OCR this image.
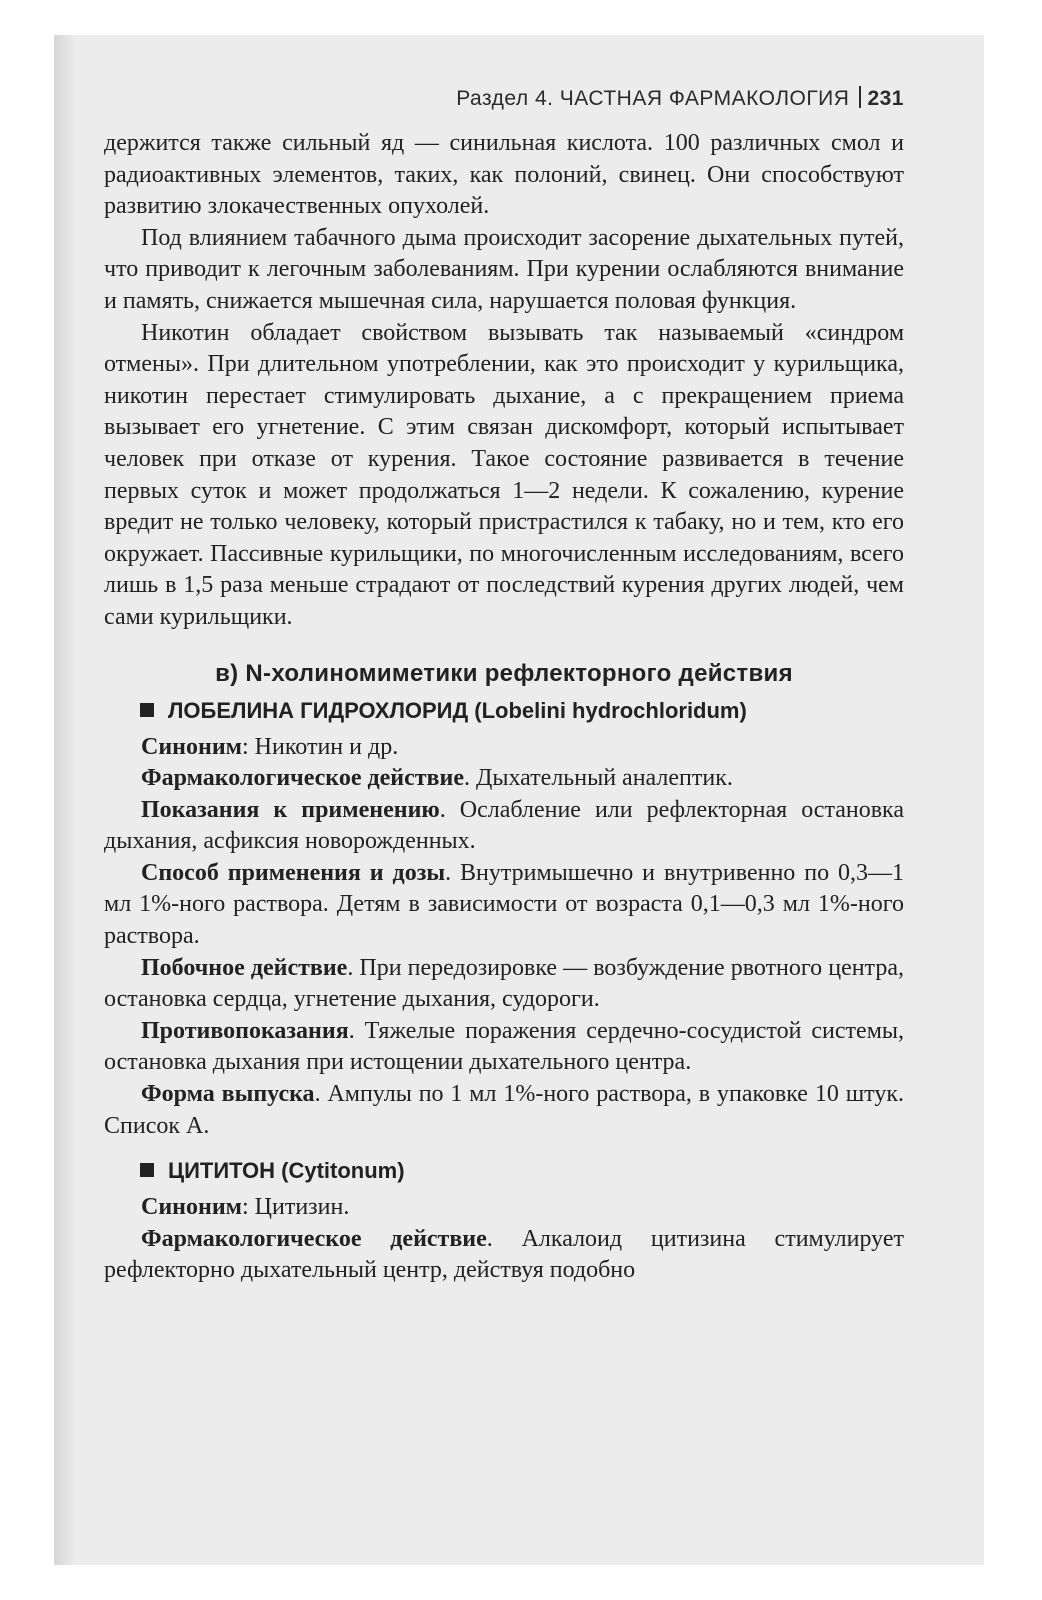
Раздел 4. ЧАСТНАЯ ФАРМАКОЛОГИЯ 231

держится также сильный яд — синильная кислота. 100 различных смол и радиоактивных элементов, таких, как полоний, свинец. Они способствуют развитию злокачественных опухолей.

Под влиянием табачного дыма происходит засорение дыхательных путей, что приводит к легочным заболеваниям. При курении ослабляются внимание и память, снижается мышечная сила, нарушается половая функция.

Никотин обладает свойством вызывать так называемый «синдром отмены». При длительном употреблении, как это происходит у курильщика, никотин перестает стимулировать дыхание, а с прекращением приема вызывает его угнетение. С этим связан дискомфорт, который испытывает человек при отказе от курения. Такое состояние развивается в течение первых суток и может продолжаться 1—2 недели. К сожалению, курение вредит не только человеку, который пристрастился к табаку, но и тем, кто его окружает. Пассивные курильщики, по многочисленным исследованиям, всего лишь в 1,5 раза меньше страдают от последствий курения других людей, чем сами курильщики.

в) N-холиномиметики рефлекторного действия
ЛОБЕЛИНА ГИДРОХЛОРИД (Lobelini hydrochloridum)

Синоним: Никотин и др.

Фармакологическое действие. Дыхательный аналептик.

Показания к применению. Ослабление или рефлекторная остановка дыхания, асфиксия новорожденных.

Способ применения и дозы. Внутримышечно и внутривенно по 0,3—1 мл 1%-ного раствора. Детям в зависимости от возраста 0,1—0,3 мл 1%-ного раствора.

Побочное действие. При передозировке — возбуждение рвотного центра, остановка сердца, угнетение дыхания, судороги.

Противопоказания. Тяжелые поражения сердечно-сосудистой системы, остановка дыхания при истощении дыхательного центра.

Форма выпуска. Ампулы по 1 мл 1%-ного раствора, в упаковке 10 штук. Список А.

ЦИТИТОН (Cytitonum)

Синоним: Цитизин.

Фармакологическое действие. Алкалоид цитизина стимулирует рефлекторно дыхательный центр, действуя подобно
